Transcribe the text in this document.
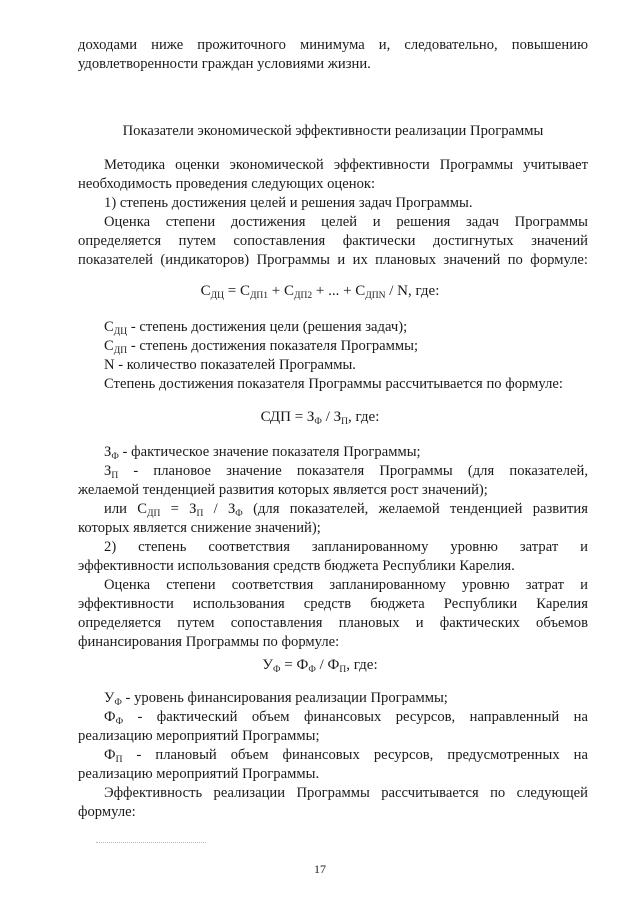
доходами ниже прожиточного минимума и, следовательно, повышению

удовлетворенности граждан условиями жизни.

Показатели экономической эффективности реализации Программы

Методика оценки экономической эффективности Программы учитывает

необходимость проведения следующих оценок:

1) степень достижения целей и решения задач Программы.

Оценка степени достижения целей и решения задач Программы

определяется путем сопоставления фактически достигнутых значений

показателей (индикаторов) Программы и их плановых значений по формуле:

$С_{ДЦ} = С_{ДП1} + С_{ДП2}$ + ... + $С_{ДПN}$ / N, где:

$С_{ДЦ}$ - степень достижения цели (решения задач);

$С_{ДП}$ - степень достижения показателя Программы;

N - количество показателей Программы.

Степень достижения показателя Программы рассчитывается по формуле:

СДП = $З_Ф / З_П$, где:

$З_Ф$ - фактическое значение показателя Программы;

$З_П$ - плановое значение показателя Программы (для показателей,

желаемой тенденцией развития которых является рост значений);

или $С_{ДП} = З_П / З_Ф$ (для показателей, желаемой тенденцией развития

которых является снижение значений);

2) степень соответствия запланированному уровню затрат и

эффективности использования средств бюджета Республики Карелия.

Оценка степени соответствия запланированному уровню затрат и

эффективности использования средств бюджета Республики Карелия

определяется путем сопоставления плановых и фактических объемов

финансирования Программы по формуле:

$У_Ф = Ф_Ф / Ф_П$, где:

$У_Ф$ - уровень финансирования реализации Программы;

$Ф_Ф$ - фактический объем финансовых ресурсов, направленный на

реализацию мероприятий Программы;

$Ф_П$ - плановый объем финансовых ресурсов, предусмотренных на

реализацию мероприятий Программы.

Эффективность реализации Программы рассчитывается по следующей

формуле:

17
